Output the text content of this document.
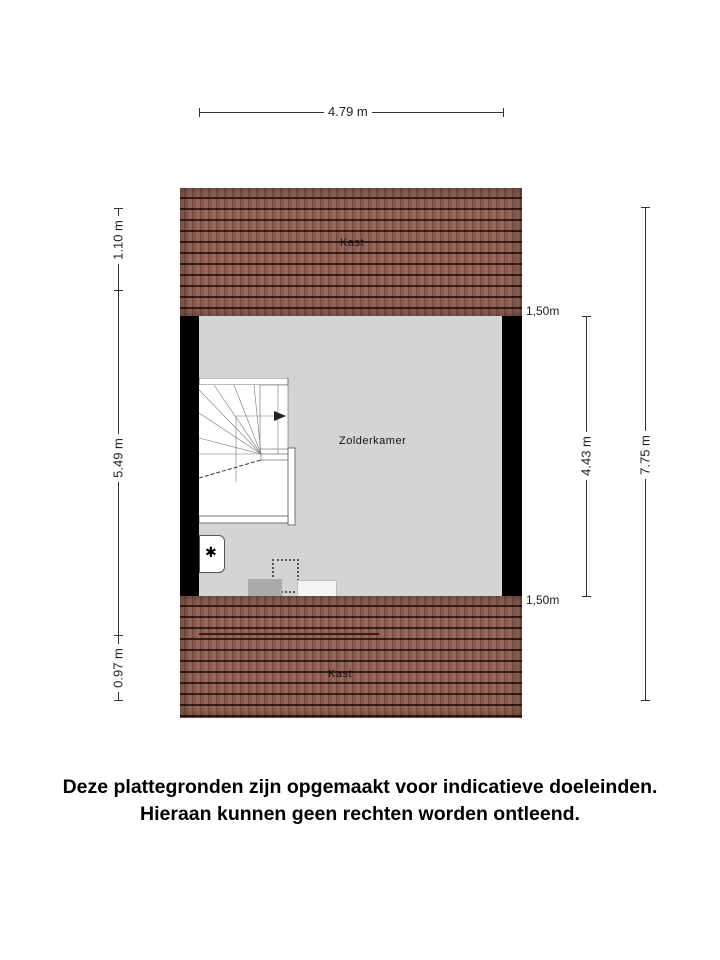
4.79 m
1.10 m
5.49 m
0.97 m
4.43 m	7.75 m
Kast
Zolderkamer
1,50m
1,50m
✱
Kast
Deze plattegronden zijn opgemaakt voor indicatieve doeleinden.
Hieraan kunnen geen rechten worden ontleend.
